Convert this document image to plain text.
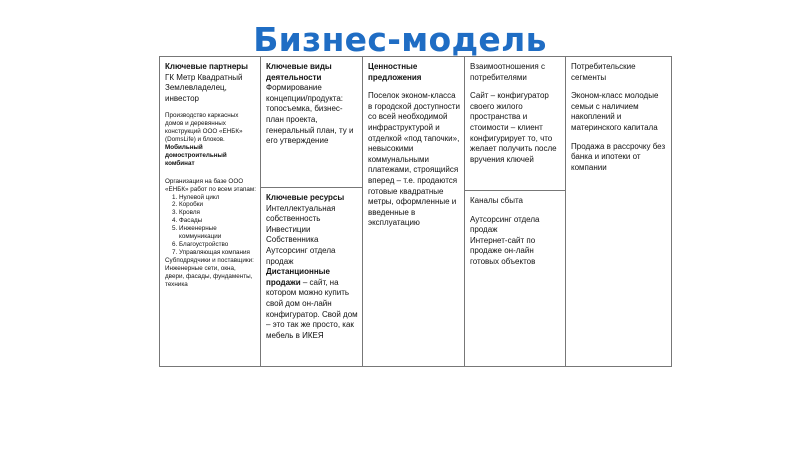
Бизнес-модель
Ключевые партнеры
ГК Метр Квадратный
Землевладелец, инвестор
Производство каркасных домов и деревянных конструкций ООО «ЕНБК» (DomsLife) и блоков. Мобильный домостроительный комбинат
Организация на базе ООО «ЕНБК» работ по всем этапам:
1. Нулевой цикл
2. Коробки
3. Кровля
4. Фасады
5. Инженерные коммуникации
6. Благоустройство
7. Управляющая компания
Субподрядчики и поставщики:
Инженерные сети, окна, двери, фасады, фундаменты, техника
Ключевые виды деятельности
Формирование концепции/продукта: топосъемка, бизнес-план проекта, генеральный план, ту и его утверждение
Ключевые ресурсы
Интеллектуальная собственность
Инвестиции
Собственника
Аутсорсинг отдела продаж
Дистанционные продажи – сайт, на котором можно купить свой дом он-лайн конфигуратор. Свой дом – это так же просто, как мебель в ИКЕЯ
Ценностные предложения
Поселок эконом-класса в городской доступности со всей необходимой инфраструктурой и отделкой «под тапочки», невысокими коммунальными платежами, строящийся вперед – т.е. продаются готовые квадратные метры, оформленные и введенные в эксплуатацию
Взаимоотношения с потребителями
Сайт – конфигуратор своего жилого пространства и стоимости – клиент конфигурирует то, что желает получить после вручения ключей
Каналы сбыта
Аутсорсинг отдела продаж
Интернет-сайт по продаже он-лайн готовых объектов
Потребительские сегменты
Эконом-класс молодые семьи с наличием накоплений и материнского капитала
Продажа в рассрочку без банка и ипотеки от компании
